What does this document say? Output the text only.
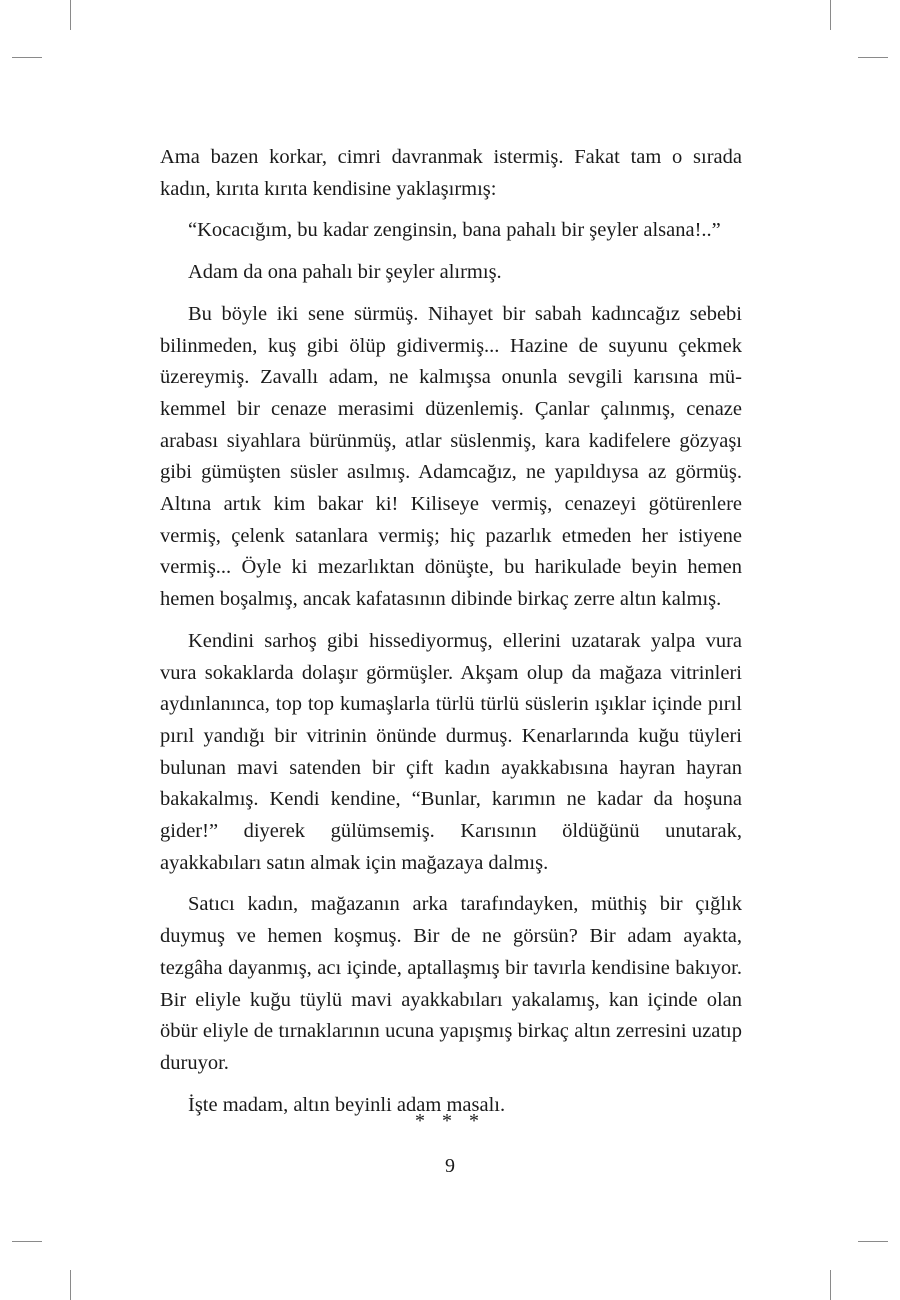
Ama bazen korkar, cimri davranmak istermiş. Fakat tam o sırada kadın, kırıta kırıta kendisine yaklaşırmış:

“Kocacığım, bu kadar zenginsin, bana pahalı bir şeyler alsana!..”

Adam da ona pahalı bir şeyler alırmış.

Bu böyle iki sene sürmüş. Nihayet bir sabah kadıncağız sebebi bilinmeden, kuş gibi ölüp gidivermiş... Hazine de suyunu çekmek üzereymiş. Zavallı adam, ne kalmışsa onunla sevgili karısına mükemmel bir cenaze merasimi düzenlemiş. Çanlar çalınmış, cenaze arabası siyahlara bürünmüş, atlar süslenmiş, kara kadifelere gözyaşı gibi gümüşten süsler asılmış. Adamcağız, ne yapıldıysa az görmüş. Altına artık kim bakar ki! Kiliseye vermiş, cenazeyi götürenlere vermiş, çelenk satanlara vermiş; hiç pazarlık etmeden her istiyene vermiş... Öyle ki mezarlıktan dönüşte, bu harikulade beyin hemen hemen boşalmış, ancak kafatasının dibinde birkaç zerre altın kalmış.

Kendini sarhoş gibi hissediyormuş, ellerini uzatarak yalpa vura vura sokaklarda dolaşır görmüşler. Akşam olup da mağaza vitrinleri aydınlanınca, top top kumaşlarla türlü türlü süslerin ışıklar içinde pırıl pırıl yandığı bir vitrinin önünde durmuş. Kenarlarında kuğu tüyleri bulunan mavi satenden bir çift kadın ayakkabısına hayran hayran bakakalmış. Kendi kendine, “Bunlar, karımın ne kadar da hoşuna gider!” diyerek gülümsemiş. Karısının öldüğünü unutarak, ayakkabıları satın almak için mağazaya dalmış.

Satıcı kadın, mağazanın arka tarafındayken, müthiş bir çığlık duymuş ve hemen koşmuş. Bir de ne görsün? Bir adam ayakta, tezgâha dayanmış, acı içinde, aptallaşmış bir tavırla kendisine bakıyor. Bir eliyle kuğu tüylü mavi ayakkabıları yakalamış, kan içinde olan öbür eliyle de tırnaklarının ucuna yapışmış birkaç altın zerresini uzatıp duruyor.

İşte madam, altın beyinli adam masalı.

* * *
9
